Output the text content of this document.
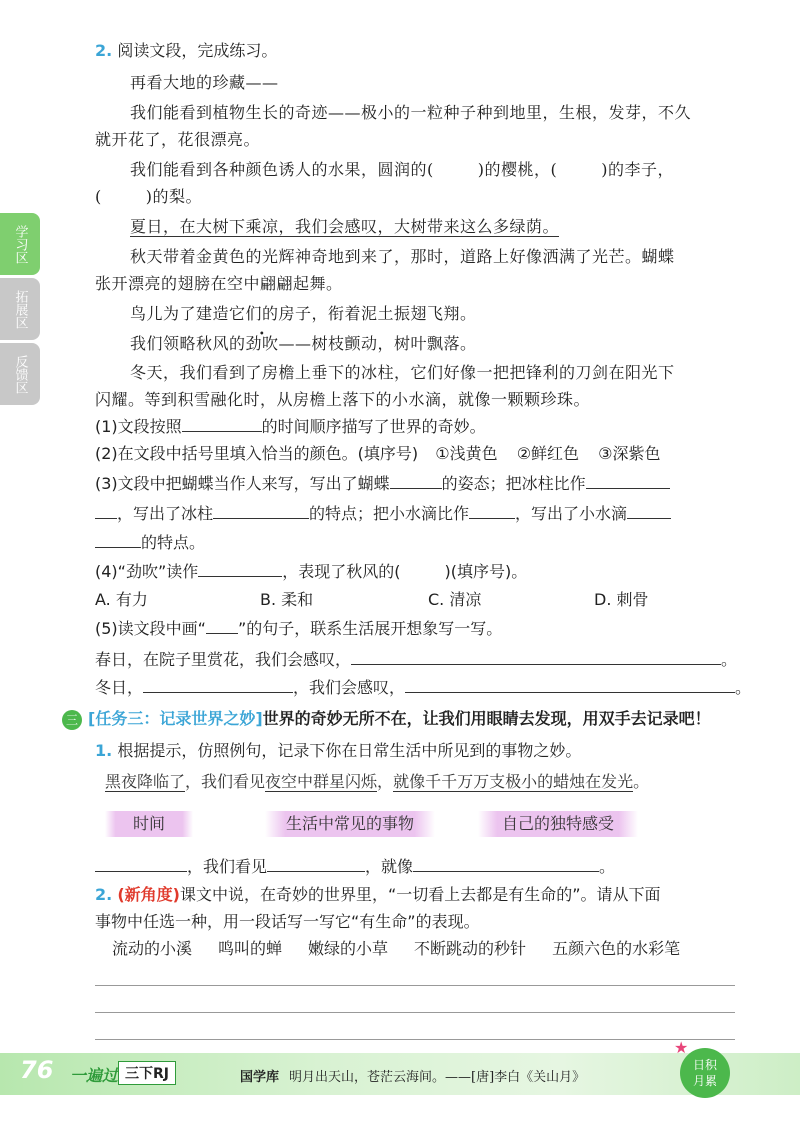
学习区
拓展区
反馈区
2. 阅读文段，完成练习。
再看大地的珍藏——
我们能看到植物生长的奇迹——极小的一粒种子种到地里，生根，发芽，不久
就开花了，花很漂亮。
我们能看到各种颜色诱人的水果，圆润的(	)的樱桃，(	)的李子，
(	)的梨。
夏日，在大树下乘凉，我们会感叹，大树带来这么多绿荫。
秋天带着金黄色的光辉神奇地到来了，那时，道路上好像洒满了光芒。蝴蝶
张开漂亮的翅膀在空中翩翩起舞。
鸟儿为了建造它们的房子，衔着泥土振翅飞翔。
我们领略秋风的劲吹——树枝颤动，树叶飘落。
冬天，我们看到了房檐上垂下的冰柱，它们好像一把把锋利的刀剑在阳光下
闪耀。等到积雪融化时，从房檐上落下的小水滴，就像一颗颗珍珠。
(1)文段按照	的时间顺序描写了世界的奇妙。
(2)在文段中括号里填入恰当的颜色。(填序号) ①浅黄色 ②鲜红色 ③深紫色
(3)文段中把蝴蝶当作人来写，写出了蝴蝶	的姿态；把冰柱比作
，写出了冰柱	的特点；把小水滴比作	，写出了小水滴
的特点。
(4)“劲吹”读作	，表现了秋风的(	)(填序号)。
A. 有力	B. 柔和	C. 清凉	D. 刺骨
(5)读文段中画“ ”的句子，联系生活展开想象写一写。
春日，在院子里赏花，我们会感叹，	。
冬日，	，我们会感叹，	。
三 [任务三：记录世界之妙]世界的奇妙无所不在，让我们用眼睛去发现，用双手去记录吧！
1. 根据提示，仿照例句，记录下你在日常生活中所见到的事物之妙。
黑夜降临了，我们看见夜空中群星闪烁，就像千千万万支极小的蜡烛在发光。
时间	生活中常见的事物	自己的独特感受
，我们看见	，就像	。
2. (新角度)课文中说，在奇妙的世界里，“一切看上去都是有生命的”。请从下面
事物中任选一种，用一段话写一写它“有生命”的表现。
流动的小溪 鸣叫的蝉 嫩绿的小草 不断跳动的秒针 五颜六色的水彩笔
76 一遍过 三下RJ	国学库 明月出天山，苍茫云海间。——[唐]李白《关山月》
★
日积
月累
